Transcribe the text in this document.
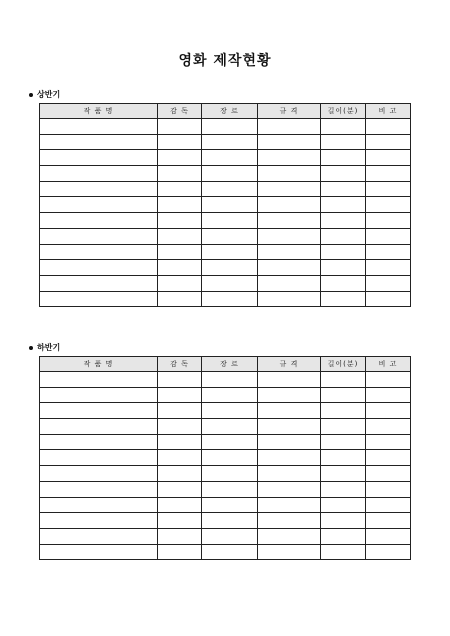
영화 제작현황
상반기
작 품 명	감 독	장 르	규 격	길이(분)	비 고

하반기
작 품 명	감 독	장 르	규 격	길이(분)	비 고
